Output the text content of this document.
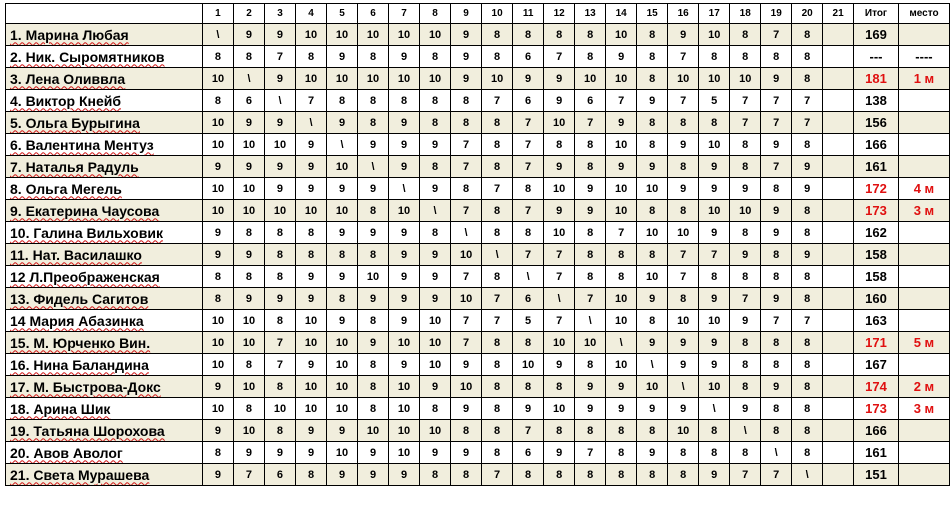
	1	2	3	4	5	6	7	8	9	10	11	12	13	14	15	16	17	18	19	20	21	Итог	место
1. Марина Любая	\	9	9	10	10	10	10	10	9	8	8	8	8	10	8	9	10	8	7	8		169	
2. Ник. Сыромятников	8	8	7	8	9	8	9	8	9	8	6	7	8	9	8	7	8	8	8	8		---	----
3. Лена Оливвла	10	\	9	10	10	10	10	10	9	10	9	9	10	10	8	10	10	10	9	8		181	1 м
4. Виктор Кнейб	8	6	\	7	8	8	8	8	8	7	6	9	6	7	9	7	5	7	7	7		138	
5. Ольга Бурыгина	10	9	9	\	9	8	9	8	8	8	7	10	7	9	8	8	8	7	7	7		156	
6. Валентина Ментуз	10	10	10	9	\	9	9	9	7	8	7	8	8	10	8	9	10	8	9	8		166	
7. Наталья Радуль	9	9	9	9	10	\	9	8	7	8	7	9	8	9	9	8	9	8	7	9		161	
8. Ольга Мегель	10	10	9	9	9	9	\	9	8	7	8	10	9	10	10	9	9	9	8	9		172	4 м
9. Екатерина Чаусова	10	10	10	10	10	8	10	\	7	8	7	9	9	10	8	8	10	10	9	8		173	3 м
10. Галина Вильховик	9	8	8	8	9	9	9	8	\	8	8	10	8	7	10	10	9	8	9	8		162	
11. Нат. Василашко	9	9	8	8	8	8	9	9	10	\	7	7	8	8	8	7	7	9	8	9		158	
12 Л.Преображенская	8	8	8	9	9	10	9	9	7	8	\	7	8	8	10	7	8	8	8	8		158	
13. Фидель Сагитов	8	9	9	9	8	9	9	9	10	7	6	\	7	10	9	8	9	7	9	8		160	
14 Мария Абазинка	10	10	8	10	9	8	9	10	7	7	5	7	\	10	8	10	10	9	7	7		163	
15. М. Юрченко Вин.	10	10	7	10	10	9	10	10	7	8	8	10	10	\	9	9	9	8	8	8		171	5 м
16. Нина Баландина	10	8	7	9	10	8	9	10	9	8	10	9	8	10	\	9	9	8	8	8		167	
17. М. Быстрова-Докс	9	10	8	10	10	8	10	9	10	8	8	8	9	9	10	\	10	8	9	8		174	2 м
18. Арина Шик	10	8	10	10	10	8	10	8	9	8	9	10	9	9	9	9	\	9	8	8		173	3 м
19. Татьяна Шорохова	9	10	8	9	9	10	10	10	8	8	7	8	8	8	8	10	8	\	8	8		166	
20. Авов Аволог	8	9	9	9	10	9	10	9	9	8	6	9	7	8	9	8	8	8	\	8		161	
21. Света Мурашева	9	7	6	8	9	9	9	8	8	7	8	8	8	8	8	8	9	7	7	\		151	
